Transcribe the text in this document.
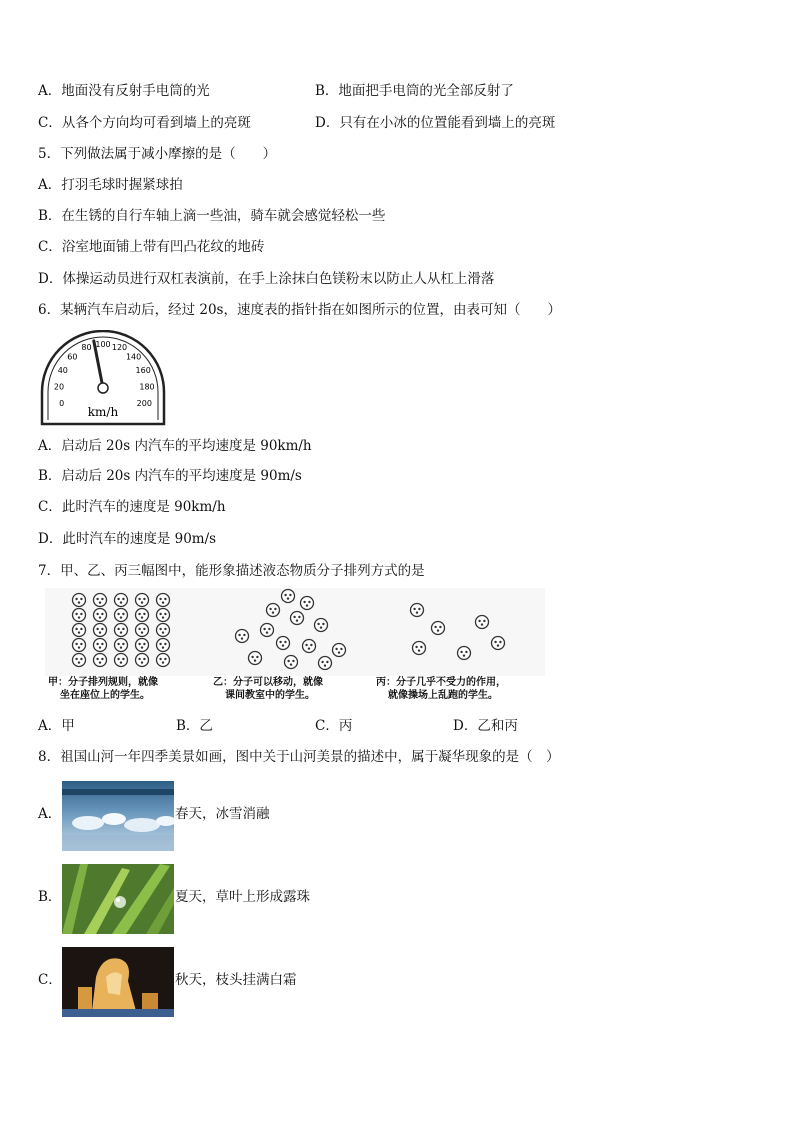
A．地面没有反射手电筒的光	B．地面把手电筒的光全部反射了
C．从各个方向均可看到墙上的亮斑	D．只有在小冰的位置能看到墙上的亮斑
5．下列做法属于减小摩擦的是（　　）
A．打羽毛球时握紧球拍
B．在生锈的自行车轴上滴一些油，骑车就会感觉轻松一些
C．浴室地面铺上带有凹凸花纹的地砖
D．体操运动员进行双杠表演前，在手上涂抹白色镁粉末以防止人从杠上滑落
6．某辆汽车启动后，经过 20s，速度表的指针指在如图所示的位置，由表可知（　　）
0
20
40
60
80 100 120
140
160
180
200
km/h
A．启动后 20s 内汽车的平均速度是 90km/h
B．启动后 20s 内汽车的平均速度是 90m/s
C．此时汽车的速度是 90km/h
D．此时汽车的速度是 90m/s
7．甲、乙、丙三幅图中，能形象描述液态物质分子排列方式的是
甲：分子排列规则，就像
坐在座位上的学生。
乙：分子可以移动，就像
课间教室中的学生。
丙：分子几乎不受力的作用，
就像操场上乱跑的学生。
A．甲	B．乙	C．丙	D．乙和丙
8．祖国山河一年四季美景如画，图中关于山河美景的描述中，属于凝华现象的是（　）
A．	春天，冰雪消融
B．	夏天，草叶上形成露珠
C．	秋天，枝头挂满白霜
